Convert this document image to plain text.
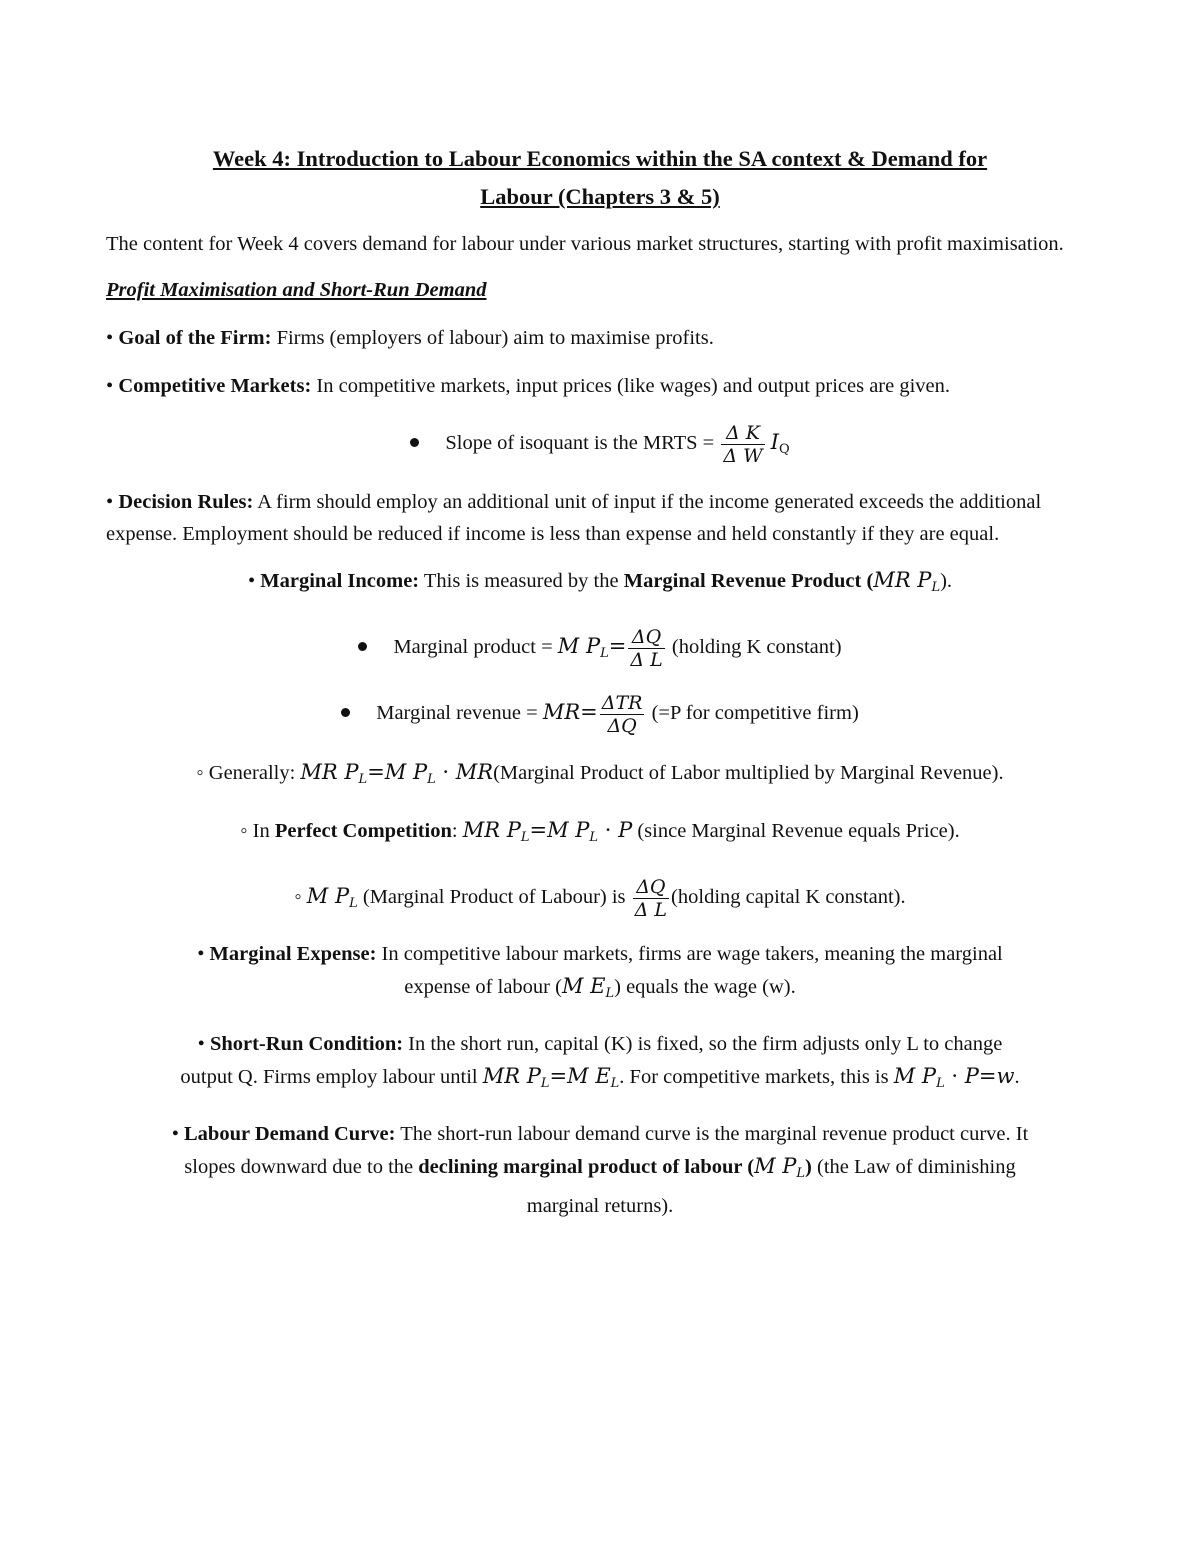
Week 4: Introduction to Labour Economics within the SA context & Demand for
Labour (Chapters 3 & 5)
The content for Week 4 covers demand for labour under various market structures, starting with profit maximisation.
Profit Maximisation and Short-Run Demand
• Goal of the Firm: Firms (employers of labour) aim to maximise profits.
• Competitive Markets: In competitive markets, input prices (like wages) and output prices are given.
Slope of isoquant is the MRTS = $\frac{\text{Δ K}}{\text{Δ W}} I_Q$
• Decision Rules: A firm should employ an additional unit of input if the income generated exceeds the additional expense. Employment should be reduced if income is less than expense and held constantly if they are equal.
• Marginal Income: This is measured by the Marginal Revenue Product (MR $P_L$).
Marginal product = M $P_L= \frac{\Delta Q}{\text{Δ L}}$ (holding K constant)
Marginal revenue = $MR= \frac{\text{ΔTR}}{\Delta Q} (=P$ for competitive firm)
◦ Generally: MR $P_L=M$ $P_L$ · MR(Marginal Product of Labor multiplied by Marginal Revenue).
◦ In Perfect Competition: MR $P_L=M$ $P_L \cdot P$ (since Marginal Revenue equals Price).
◦ M $P_L$ (Marginal Product of Labour) is $\frac{\Delta Q}{\text{Δ L}}$ (holding capital K constant).
• Marginal Expense: In competitive labour markets, firms are wage takers, meaning the marginal
expense of labour (M $E_L$) equals the wage (w).
• Short-Run Condition: In the short run, capital (K) is fixed, so the firm adjusts only L to change
output Q. Firms employ labour until MR $P_L=M$ $E_L$. For competitive markets, this is M $P_L \cdot P=w$.
• Labour Demand Curve: The short-run labour demand curve is the marginal revenue product curve. It
slopes downward due to the declining marginal product of labour (M $P_L$) (the Law of diminishing
marginal returns).
